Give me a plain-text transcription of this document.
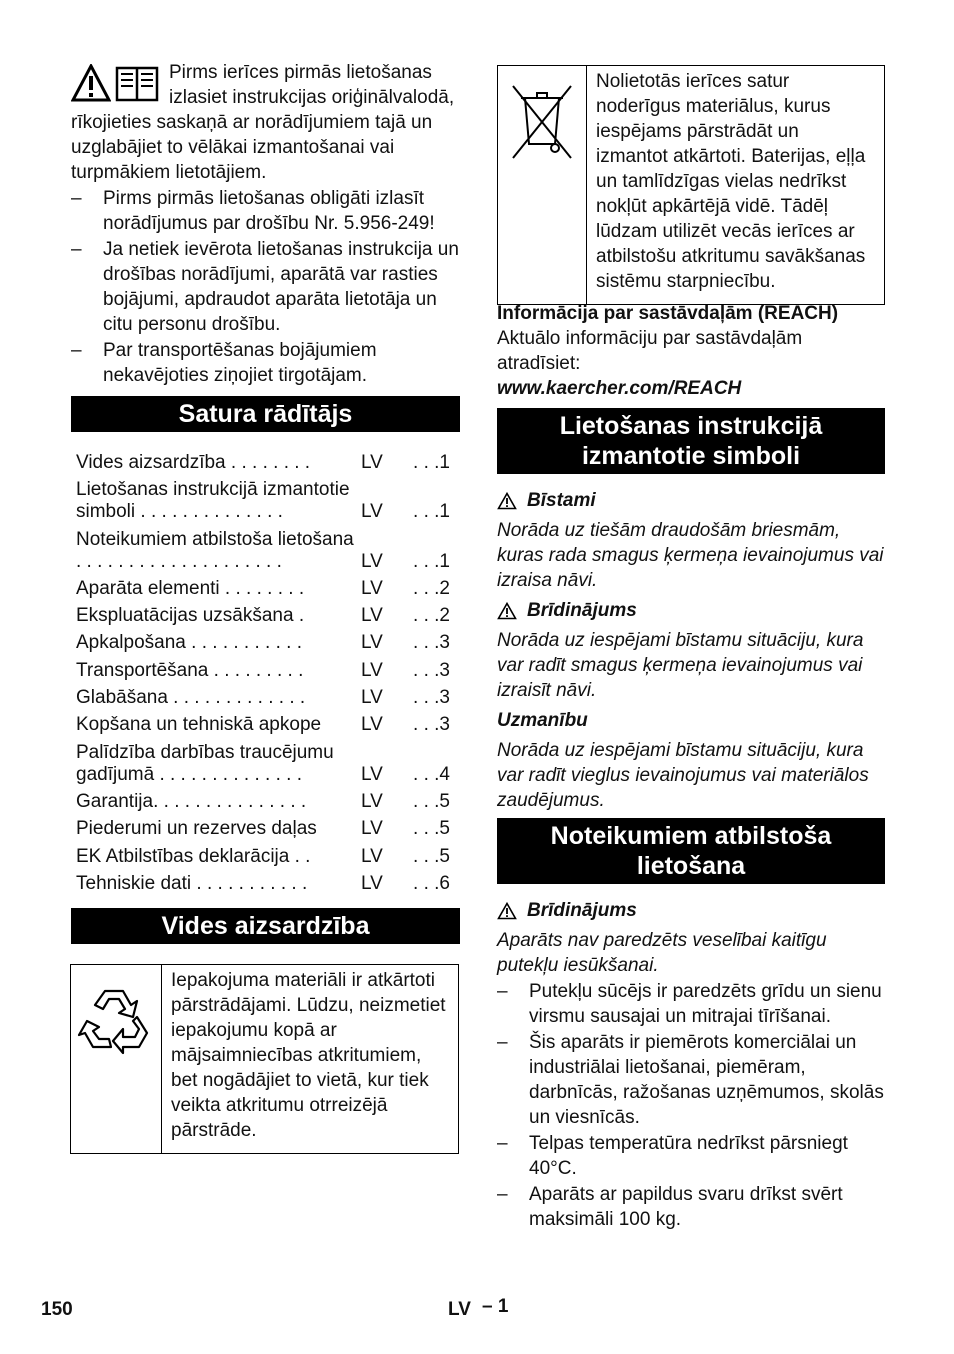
Pirms ierīces pirmās lietošanas izlasiet instrukcijas oriģinālvalodā, rīkojieties saskaņā ar norādījumiem tajā un uzglabājiet to vēlākai izmantošanai vai turpmākiem lietotājiem.

– Pirms pirmās lietošanas obligāti izlasīt norādījumus par drošību Nr. 5.956-249!
– Ja netiek ievērota lietošanas instrukcija un drošības norādījumi, aparātā var rasties bojājumi, apdraudot aparāta lietotāja un citu personu drošību.
– Par transportēšanas bojājumiem nekavējoties ziņojiet tirgotājam.
Satura rādītājs
Vides aizsardzība . . . . . . . .	LV	. . .1
Lietošanas instrukcijā izmantotie simboli . . . . . . . . . . . . . .	LV	. . .1
Noteikumiem atbilstoša lietošana . . . . . . . . . . . . . . . . . . . .	LV	. . .1
Aparāta elementi . . . . . . . .	LV	. . .2
Ekspluatācijas uzsākšana .	LV	. . .2
Apkalpošana . . . . . . . . . . .	LV	. . .3
Transportēšana . . . . . . . . .	LV	. . .3
Glabāšana . . . . . . . . . . . . .	LV	. . .3
Kopšana un tehniskā apkope	LV	. . .3
Palīdzība darbības traucējumu gadījumā . . . . . . . . . . . . . .	LV	. . .4
Garantija. . . . . . . . . . . . . . .	LV	. . .5
Piederumi un rezerves daļas	LV	. . .5
EK Atbilstības deklarācija . .	LV	. . .5
Tehniskie dati . . . . . . . . . . .	LV	. . .6
Vides aizsardzība
Iepakojuma materiāli ir atkārtoti pārstrādājami. Lūdzu, neizmetiet iepakojumu kopā ar mājsaimniecības atkritumiem, bet nogādājiet to vietā, kur tiek veikta atkritumu otrreizējā pārstrāde.
Nolietotās ierīces satur noderīgus materiālus, kurus iespējams pārstrādāt un izmantot atkārtoti. Baterijas, eļļa un tamlīdzīgas vielas nedrīkst nokļūt apkārtējā vidē. Tādēļ lūdzam utilizēt vecās ierīces ar atbilstošu atkritumu savākšanas sistēmu starpniecību.

Informācija par sastāvdaļām (REACH)

Aktuālo informāciju par sastāvdaļām atradīsiet:

www.kaercher.com/REACH

Lietošanas instrukcijā izmantotie simboli

Bīstami

Norāda uz tiešām draudošām briesmām, kuras rada smagus ķermeņa ievainojumus vai izraisa nāvi.

Brīdinājums

Norāda uz iespējami bīstamu situāciju, kura var radīt smagus ķermeņa ievainojumus vai izraisīt nāvi.

Uzmanību

Norāda uz iespējami bīstamu situāciju, kura var radīt vieglus ievainojumus vai materiālos zaudējumus.

Noteikumiem atbilstoša lietošana

Brīdinājums

Aparāts nav paredzēts veselībai kaitīgu putekļu iesūkšanai.

– Putekļu sūcējs ir paredzēts grīdu un sienu virsmu sausajai un mitrajai tīrīšanai.
– Šis aparāts ir piemērots komerciālai un industriālai lietošanai, piemēram, darbnīcās, ražošanas uzņēmumos, skolās un viesnīcās.
– Telpas temperatūra nedrīkst pārsniegt 40°C.
– Aparāts ar papildus svaru drīkst svērt maksimāli 100 kg.
150	LV – 1
